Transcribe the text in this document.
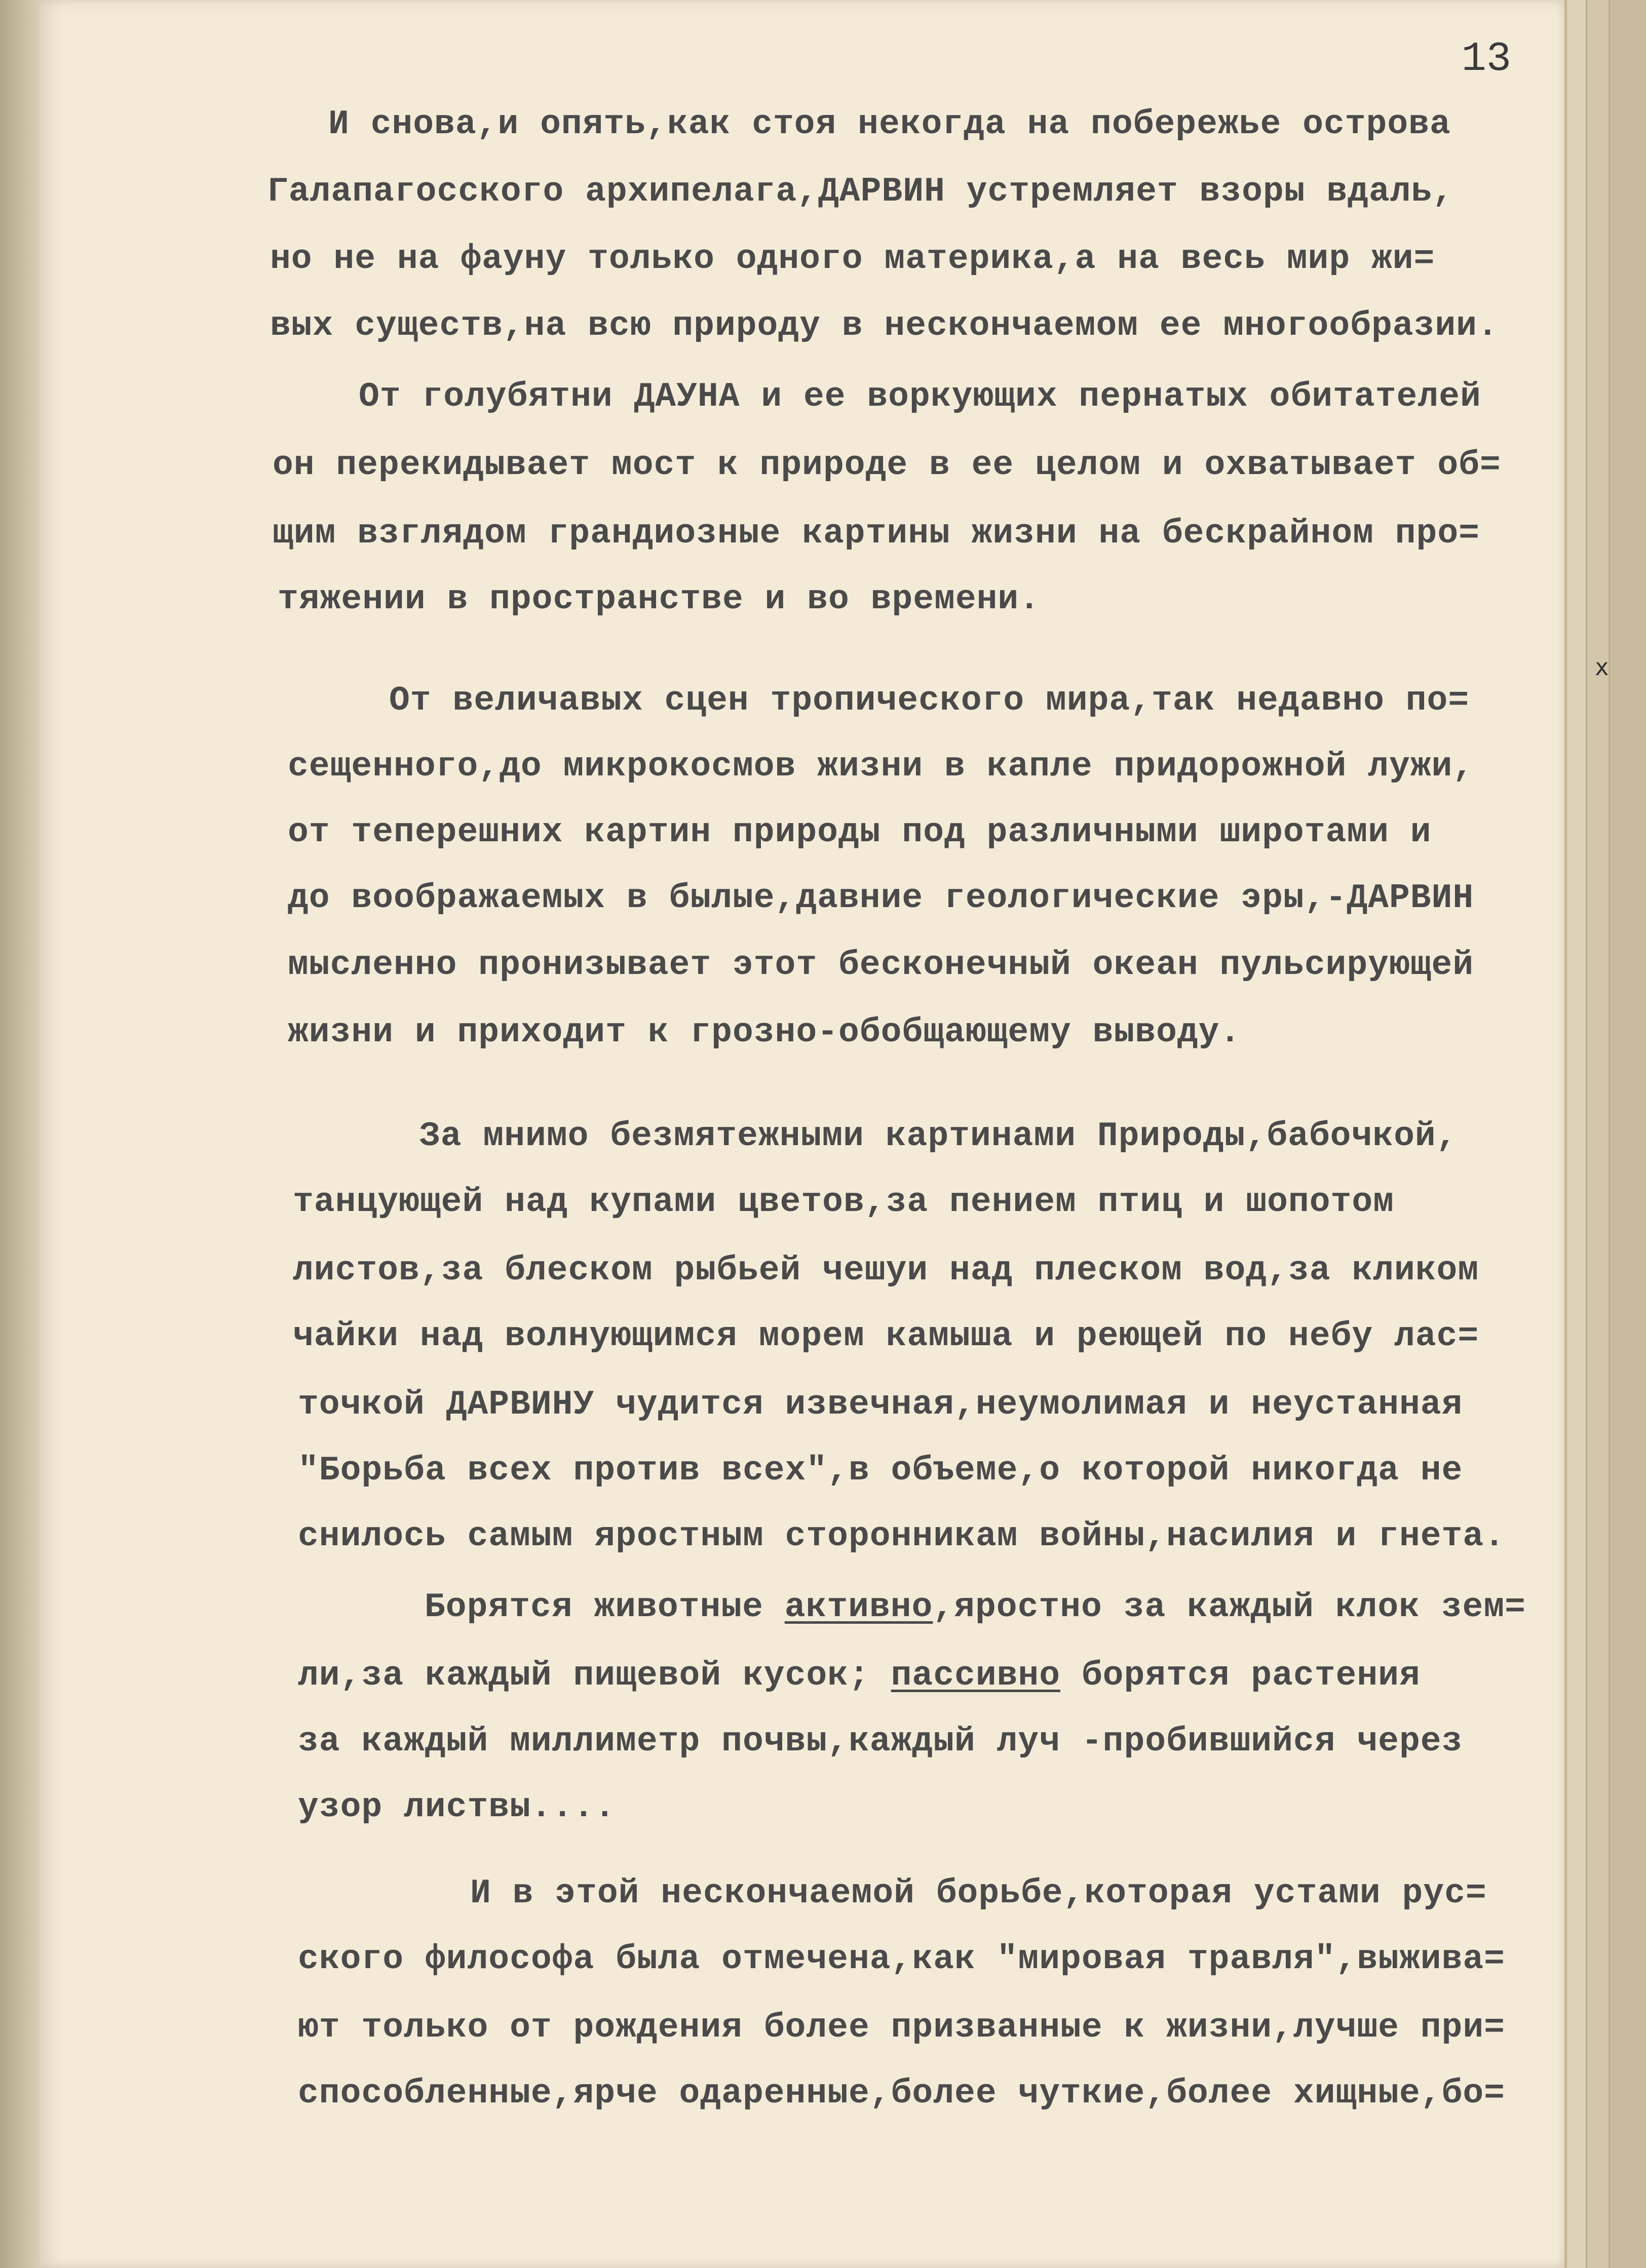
x
13
И снова,и опять,как стоя некогда на побережье острова
Галапагосского архипелага,ДАРВИН устремляет взоры вдаль,
но не на фауну только одного материка,а на весь мир жи=
вых существ,на всю природу в нескончаемом ее многообразии.
От голубятни ДАУНА и ее воркующих пернатых обитателей
он перекидывает мост к природе в ее целом и охватывает об=
щим взглядом грандиозные картины жизни на бескрайном про=
тяжении в пространстве и во времени.
От величавых сцен тропического мира,так недавно по=
сещенного,до микрокосмов жизни в капле придорожной лужи,
от теперешних картин природы под различными широтами и
до воображаемых в былые,давние геологические эры,-ДАРВИН
мысленно пронизывает этот бесконечный океан пульсирующей
жизни и приходит к грозно-обобщающему выводу.
За мнимо безмятежными картинами Природы,бабочкой,
танцующей над купами цветов,за пением птиц и шопотом
листов,за блеском рыбьей чешуи над плеском вод,за кликом
чайки над волнующимся морем камыша и реющей по небу лас=
точкой ДАРВИНУ чудится извечная,неумолимая и неустанная
"Борьба всех против всех",в объеме,о которой никогда не
снилось самым яростным сторонникам войны,насилия и гнета.
Борятся животные активно,яростно за каждый клок зем=
ли,за каждый пищевой кусок; пассивно борятся растения
за каждый миллиметр почвы,каждый луч -пробившийся через
узор листвы....
И в этой нескончаемой борьбе,которая устами рус=
ского философа была отмечена,как "мировая травля",выжива=
ют только от рождения более призванные к жизни,лучше при=
способленные,ярче одаренные,более чуткие,более хищные,бо=
